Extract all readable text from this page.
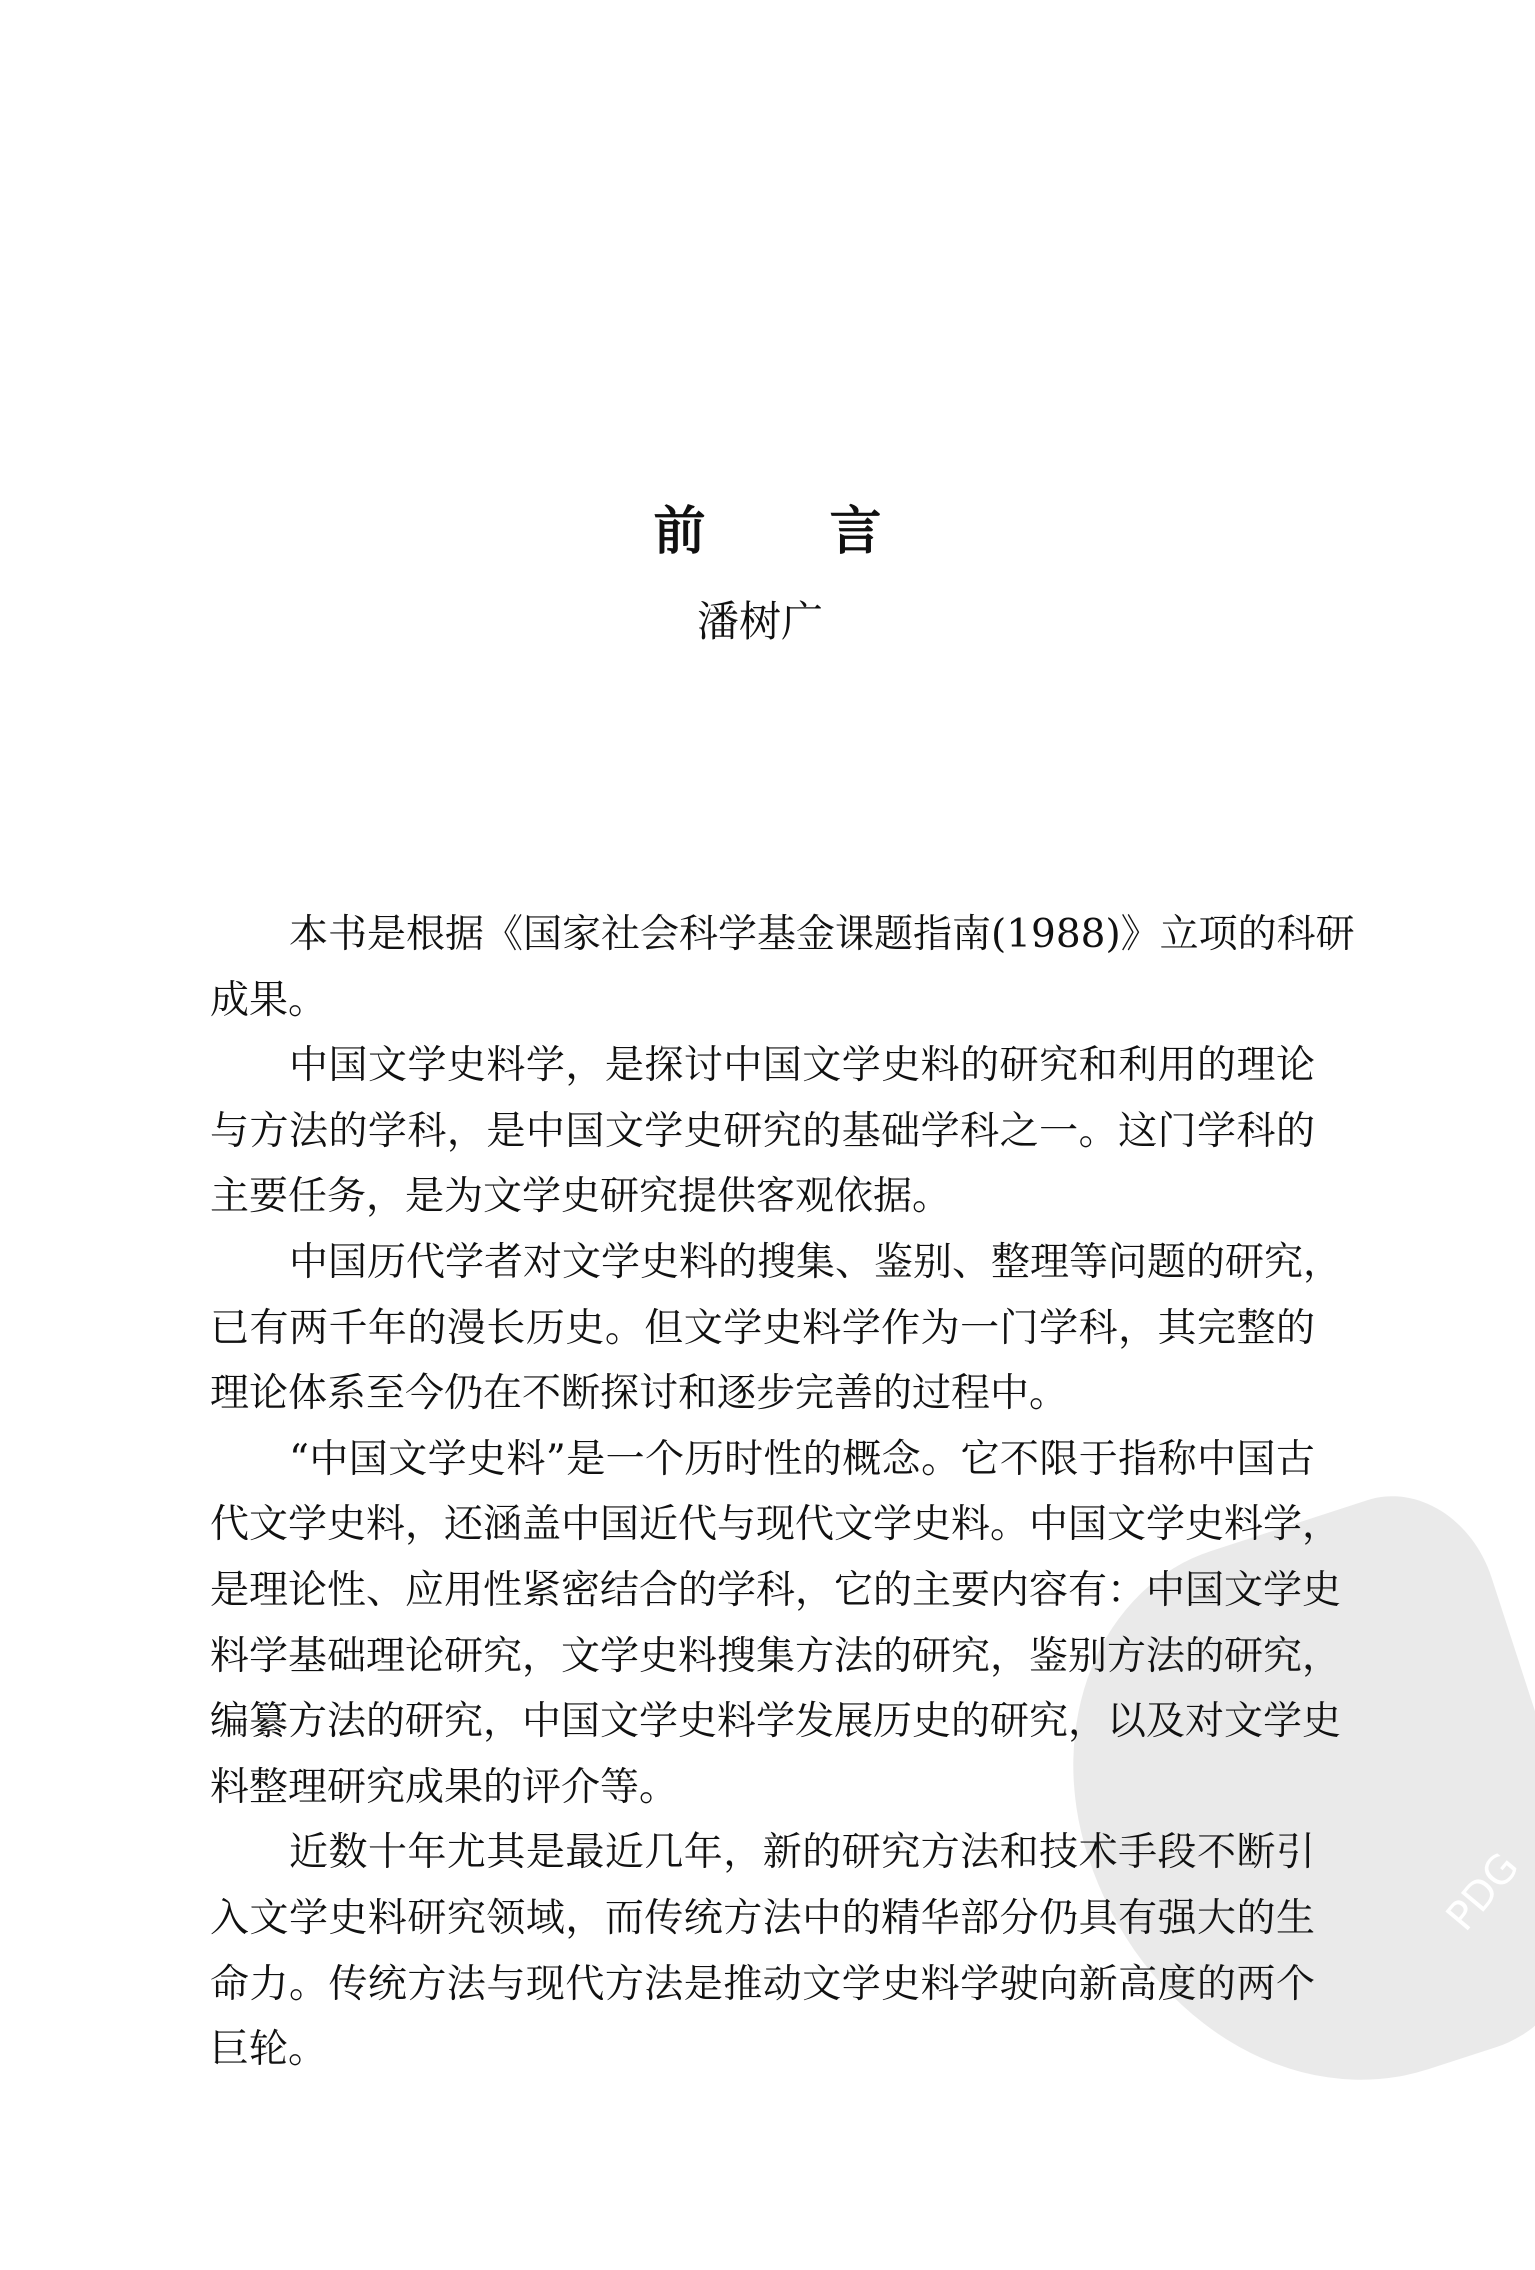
PDG
前 言
潘树广
本书是根据《国家社会科学基金课题指南(1988)》立项的科研
成果。
中国文学史料学，是探讨中国文学史料的研究和利用的理论
与方法的学科，是中国文学史研究的基础学科之一。这门学科的
主要任务，是为文学史研究提供客观依据。
中国历代学者对文学史料的搜集、鉴别、整理等问题的研究，
已有两千年的漫长历史。但文学史料学作为一门学科，其完整的
理论体系至今仍在不断探讨和逐步完善的过程中。
“中国文学史料”是一个历时性的概念。它不限于指称中国古
代文学史料，还涵盖中国近代与现代文学史料。中国文学史料学，
是理论性、应用性紧密结合的学科，它的主要内容有：中国文学史
料学基础理论研究，文学史料搜集方法的研究，鉴别方法的研究，
编纂方法的研究，中国文学史料学发展历史的研究，以及对文学史
料整理研究成果的评介等。
近数十年尤其是最近几年，新的研究方法和技术手段不断引
入文学史料研究领域，而传统方法中的精华部分仍具有强大的生
命力。传统方法与现代方法是推动文学史料学驶向新高度的两个
巨轮。
